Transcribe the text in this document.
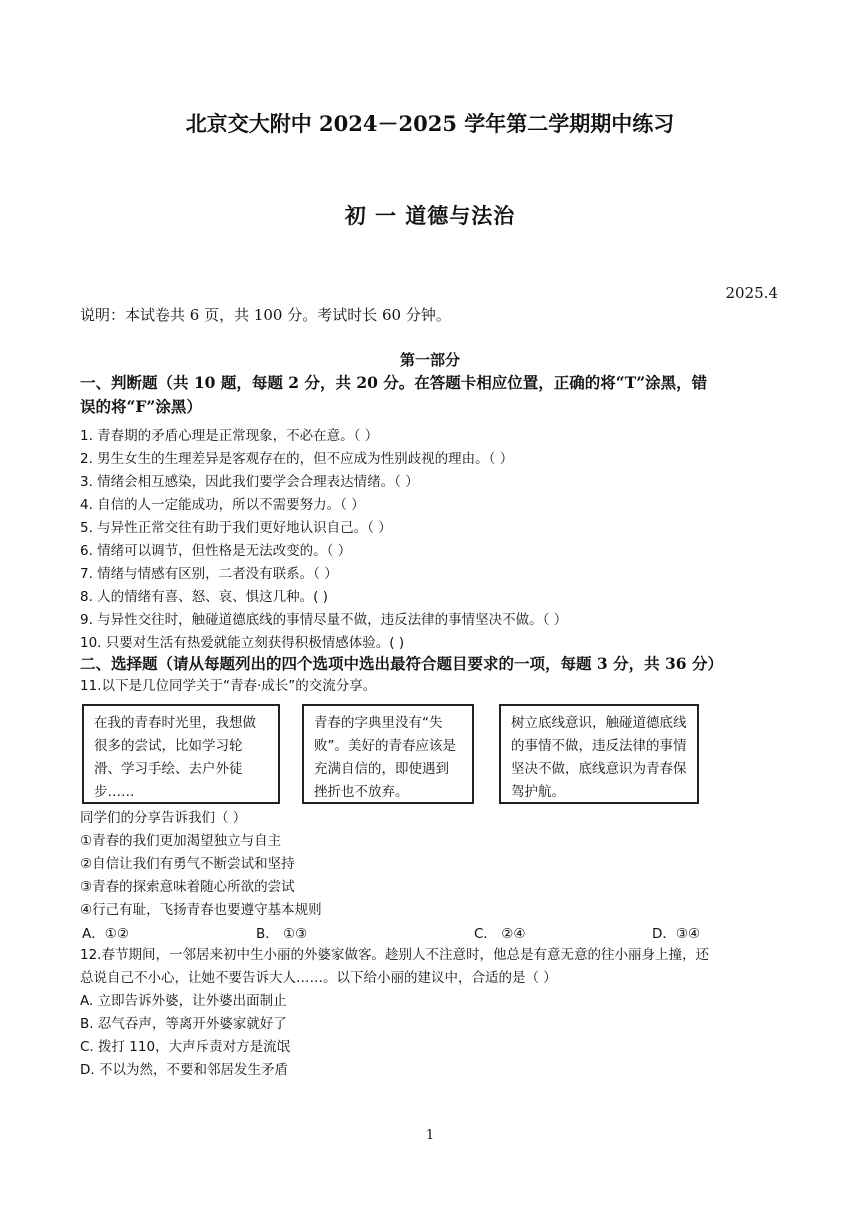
北京交大附中 2024－2025 学年第二学期期中练习
初 一 道德与法治
2025.4
说明：本试卷共 6 页，共 100 分。考试时长 60 分钟。
第一部分
一、判断题（共 10 题，每题 2 分，共 20 分。在答题卡相应位置，正确的将“T”涂黑，错
误的将“F”涂黑）
1. 青春期的矛盾心理是正常现象，不必在意。（ ）
2. 男生女生的生理差异是客观存在的，但不应成为性别歧视的理由。（ ）
3. 情绪会相互感染，因此我们要学会合理表达情绪。（ ）
4. 自信的人一定能成功，所以不需要努力。（ ）
5. 与异性正常交往有助于我们更好地认识自己。（ ）
6. 情绪可以调节，但性格是无法改变的。（ ）
7. 情绪与情感有区别，二者没有联系。（ ）
8. 人的情绪有喜、怒、哀、惧这几种。( )
9. 与异性交往时，触碰道德底线的事情尽量不做，违反法律的事情坚决不做。（ ）
10. 只要对生活有热爱就能立刻获得积极情感体验。( )
二、选择题（请从每题列出的四个选项中选出最符合题目要求的一项，每题 3 分，共 36 分）
11.以下是几位同学关于“青春·成长”的交流分享。
在我的青春时光里，我想做很多的尝试，比如学习轮滑、学习手绘、去户外徒步……
青春的字典里没有“失败”。美好的青春应该是充满自信的，即使遇到挫折也不放弃。
树立底线意识，触碰道德底线的事情不做，违反法律的事情坚决不做，底线意识为青春保驾护航。
同学们的分享告诉我们（ ）
①青春的我们更加渴望独立与自主
②自信让我们有勇气不断尝试和坚持
③青春的探索意味着随心所欲的尝试
④行己有耻，飞扬青春也要遵守基本规则
A．①②	B． ①③	C． ②④	D．③④
12.春节期间，一邻居来初中生小丽的外婆家做客。趁别人不注意时，他总是有意无意的往小丽身上撞，还
总说自己不小心，让她不要告诉大人……。以下给小丽的建议中，合适的是（ ）
A. 立即告诉外婆，让外婆出面制止
B. 忍气吞声，等离开外婆家就好了
C. 拨打 110，大声斥责对方是流氓
D. 不以为然，不要和邻居发生矛盾
1
